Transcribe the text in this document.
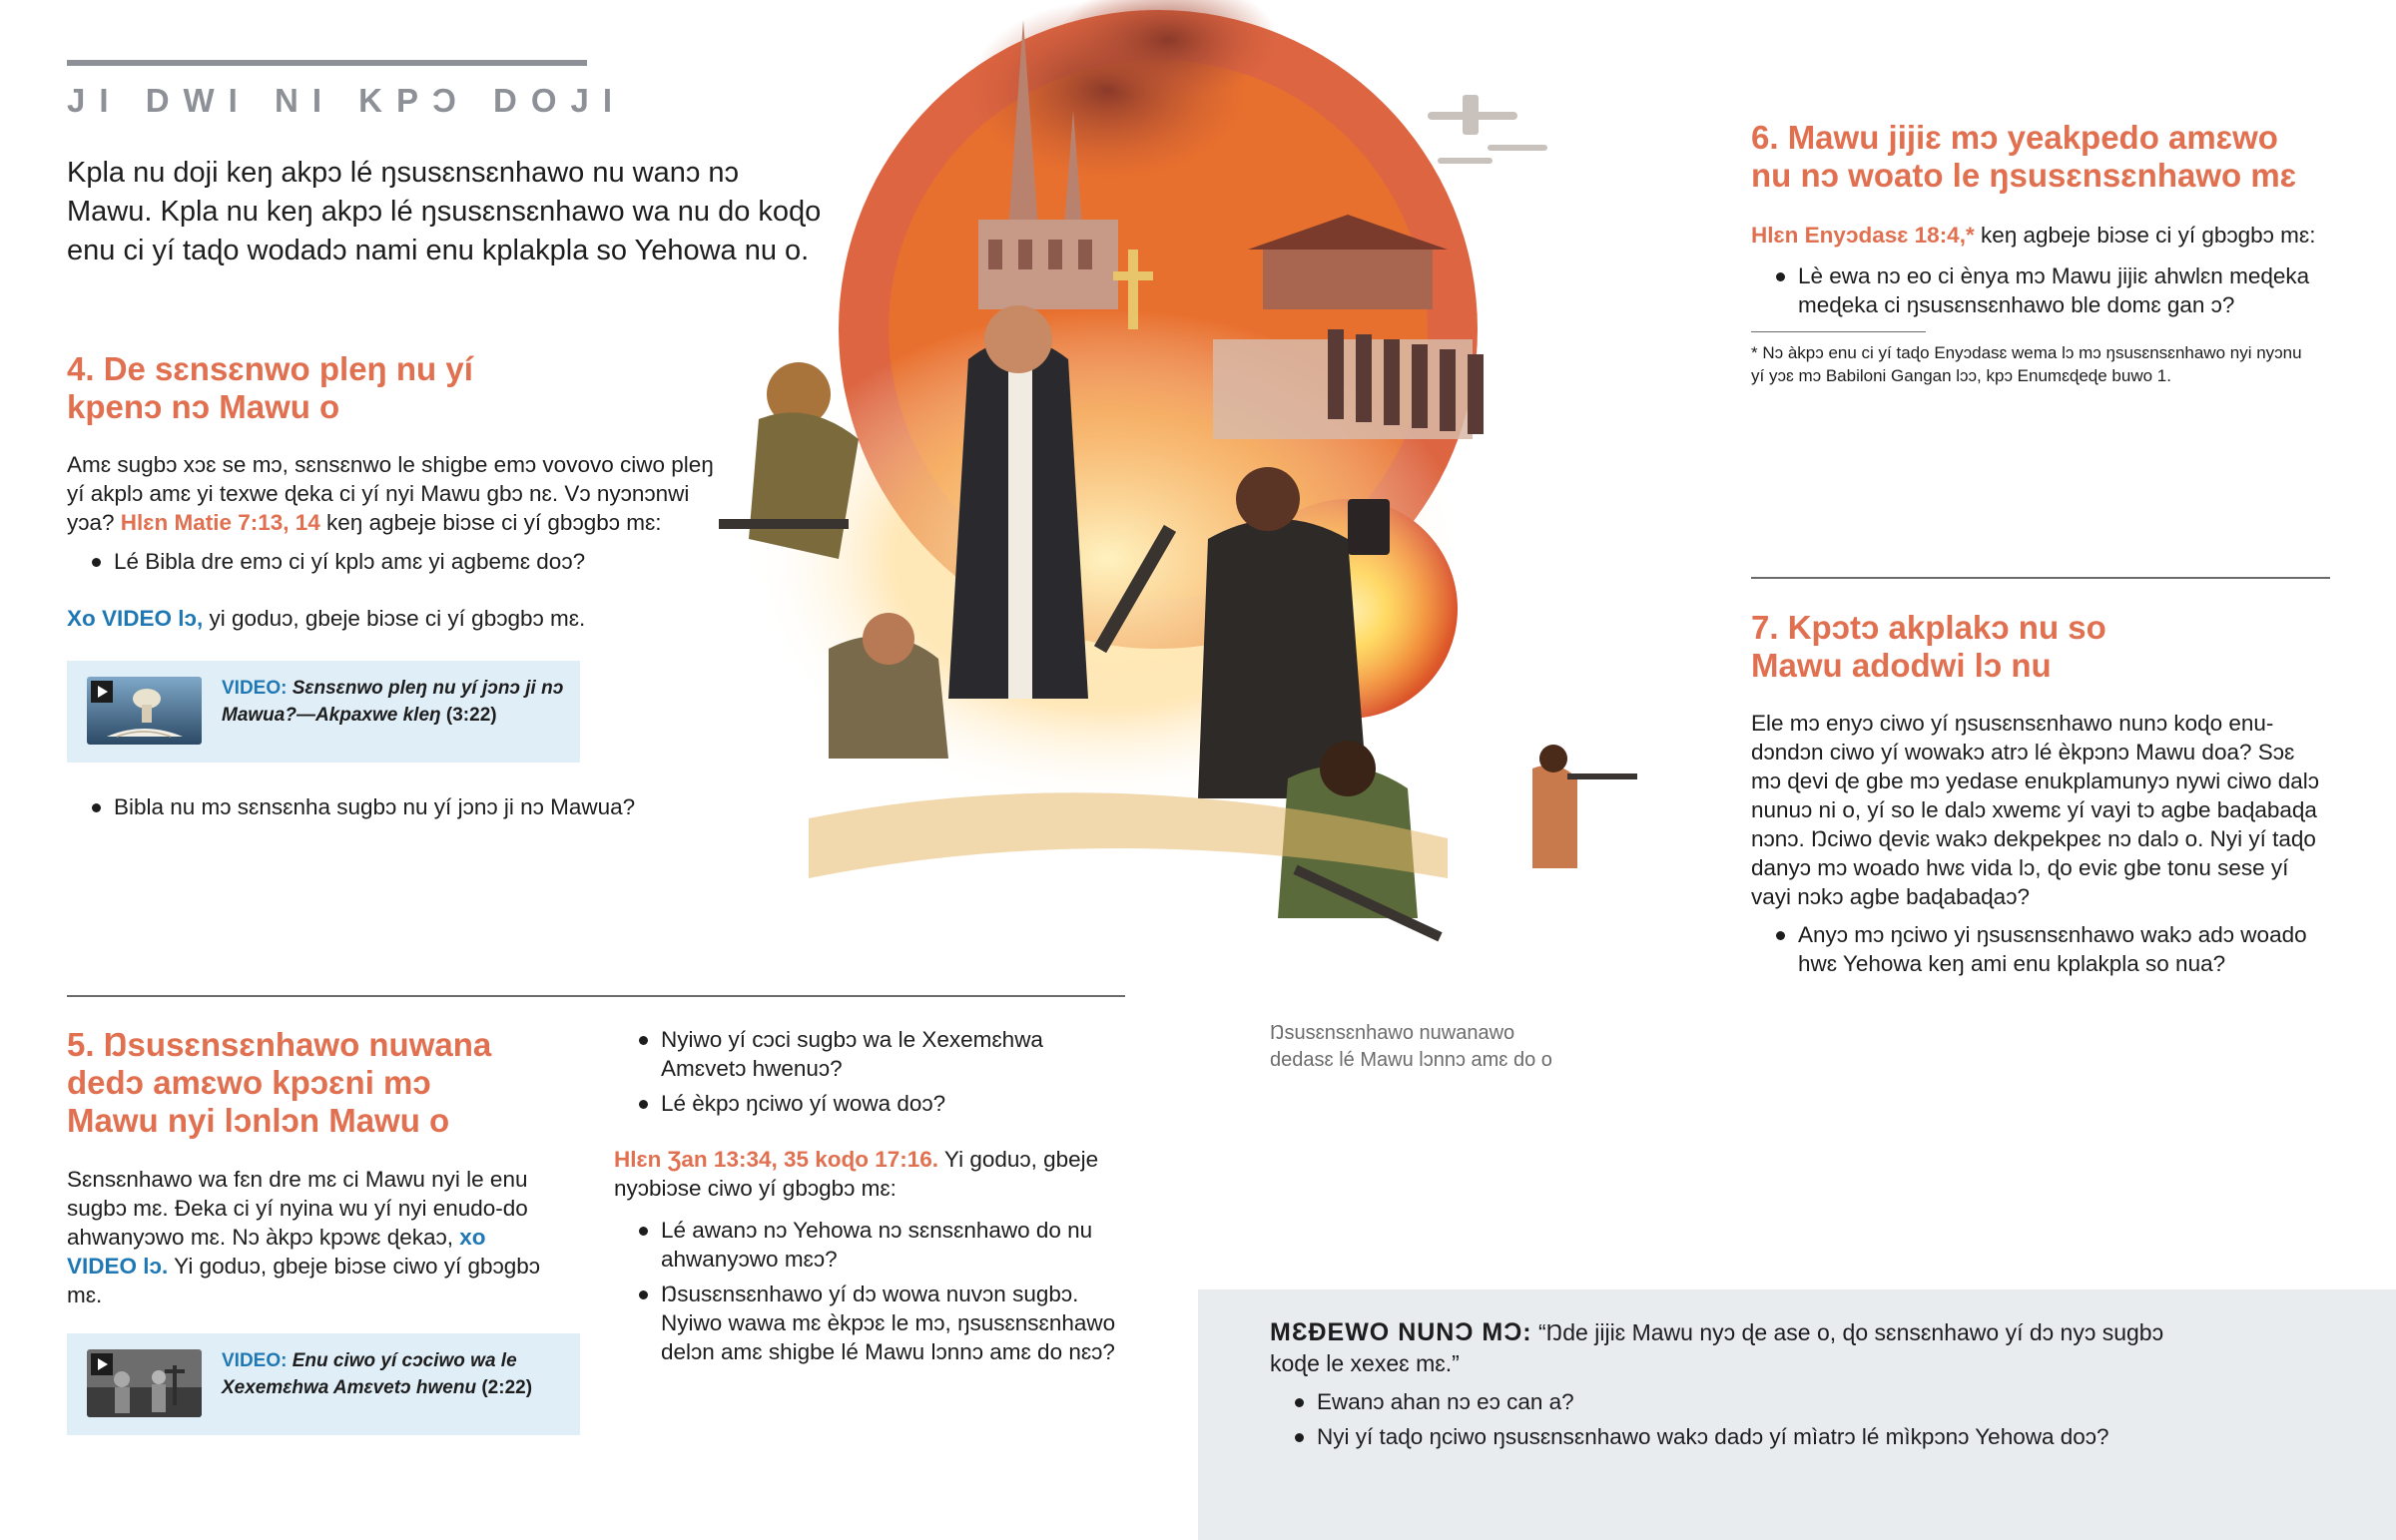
JI DWI NI KPƆ DOJI
Kpla nu doji keŋ akpɔ lé ŋsusɛnsɛnhawo nu wanɔ nɔ Mawu. Kpla nu keŋ akpɔ lé ŋsusɛnsɛnhawo wa nu do koɖo enu ci yí taɖo wodadɔ nami enu kplakpla so Yehowa nu o.
4. De sɛnsɛnwo pleŋ nu yí
kpenɔ nɔ Mawu o
Amɛ sugbɔ xɔɛ se mɔ, sɛnsɛnwo le shigbe emɔ vovovo ciwo pleŋ yí akplɔ amɛ yi texwe ɖeka ci yí nyi Mawu gbɔ nɛ. Vɔ nyɔnɔnwi yɔa? Hlɛn Matie 7:13, 14 keŋ agbeje biɔse ci yí gbɔgbɔ mɛ:
Lé Bibla dre emɔ ci yí kplɔ amɛ yi agbemɛ doɔ?
Xo VIDEO lɔ, yi goduɔ, gbeje biɔse ci yí gbɔgbɔ mɛ.
VIDEO: Sɛnsɛnwo pleŋ nu yí jɔnɔ ji nɔ Mawua?—Akpaxwe kleŋ (3:22)
Bibla nu mɔ sɛnsɛnha sugbɔ nu yí jɔnɔ ji nɔ Mawua?
5. Ŋsusɛnsɛnhawo nuwana
dedɔ amɛwo kpɔɛni mɔ
Mawu nyi lɔnlɔn Mawu o
Sɛnsɛnhawo wa fɛn dre mɛ ci Mawu nyi le enu sugbɔ mɛ. Ɖeka ci yí nyina wu yí nyi enudo-do ahwanyɔwo mɛ. Nɔ àkpɔ kpɔwɛ ɖekaɔ, xo VIDEO lɔ. Yi goduɔ, gbeje biɔse ciwo yí gbɔgbɔ mɛ.
VIDEO: Enu ciwo yí cɔciwo wa le Xexemɛhwa Amɛvetɔ hwenu (2:22)
Nyiwo yí cɔci sugbɔ wa le Xexemɛhwa Amɛvetɔ hwenuɔ?
Lé èkpɔ ŋciwo yí wowa doɔ?
Hlɛn Ʒan 13:34, 35 koɖo 17:16. Yi goduɔ, gbeje nyɔbiɔse ciwo yí gbɔgbɔ mɛ:
Lé awanɔ nɔ Yehowa nɔ sɛnsɛnhawo do nu ahwanyɔwo mɛɔ?
Ŋsusɛnsɛnhawo yí dɔ wowa nuvɔn sugbɔ. Nyiwo wawa mɛ èkpɔɛ le mɔ, ŋsusɛnsɛnhawo delɔn amɛ shigbe lé Mawu lɔnnɔ amɛ do nɛɔ?
Ŋsusɛnsɛnhawo nuwanawo
dedasɛ lé Mawu lɔnnɔ amɛ do o
6. Mawu jijiɛ mɔ yeakpedo amɛwo
nu nɔ woato le ŋsusɛnsɛnhawo mɛ
Hlɛn Enyɔdasɛ 18:4,* keŋ agbeje biɔse ci yí gbɔgbɔ mɛ:
Lè ewa nɔ eo ci ènya mɔ Mawu jijiɛ ahwlɛn meɖeka meɖeka ci ŋsusɛnsɛnhawo ble domɛ gan ɔ?
* Nɔ àkpɔ enu ci yí taɖo Enyɔdasɛ wema lɔ mɔ ŋsusɛnsɛnhawo nyi nyɔnu yí yɔɛ mɔ Babiloni Gangan lɔɔ, kpɔ Enumɛɖeɖe buwo 1.
7. Kpɔtɔ akplakɔ nu so
Mawu adodwi lɔ nu
Ele mɔ enyɔ ciwo yí ŋsusɛnsɛnhawo nunɔ koɖo enu-dɔndɔn ciwo yí wowakɔ atrɔ lé èkpɔnɔ Mawu doa? Sɔɛ mɔ ɖevi ɖe gbe mɔ yedase enukplamunyɔ nywi ciwo dalɔ nunuɔ ni o, yí so le dalɔ xwemɛ yí vayi tɔ agbe baɖabaɖa nɔnɔ. Ŋciwo ɖeviɛ wakɔ dekpekpeɛ nɔ dalɔ o. Nyi yí taɖo danyɔ mɔ woado hwɛ vida lɔ, ɖo eviɛ gbe tonu sese yí vayi nɔkɔ agbe baɖabaɖaɔ?
Anyɔ mɔ ŋciwo yi ŋsusɛnsɛnhawo wakɔ adɔ woado hwɛ Yehowa keŋ ami enu kplakpla so nua?
MƐƉEWO NUNƆ MƆ: “Ŋde jijiɛ Mawu nyɔ ɖe ase o, ɖo sɛnsɛnhawo yí dɔ nyɔ sugbɔ koɖe le xexeɛ mɛ.”
Ewanɔ ahan nɔ eɔ can a?
Nyi yí taɖo ŋciwo ŋsusɛnsɛnhawo wakɔ dadɔ yí mìatrɔ lé mìkpɔnɔ Yehowa doɔ?
